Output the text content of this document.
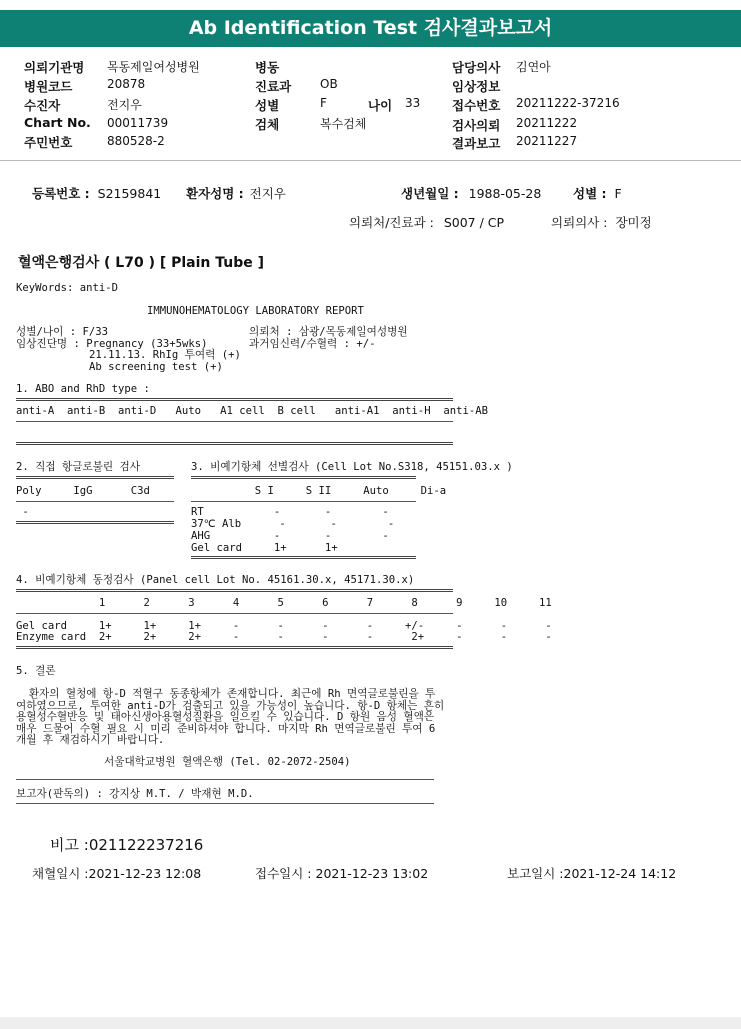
Ab Identification Test 검사결과보고서
의뢰기관명 목동제일여성병원
병원코드	20878
수진자	전지우
Chart No. 00011739
주민번호	880528-2
병동
진료과 OB
성별	F	나이 33
검체	복수검체
담당의사 김연아
임상정보
접수번호 20211222-37216
검사의뢰 20211222
결과보고 20211227
등록번호 : S2159841 환자성명 : 전지우	생년월일 : 1988-05-28	성별 : F
의뢰처/진료과 : S007 / CP	의뢰의사 : 장미정
혈액은행검사 ( L70 ) [ Plain Tube ]
KeyWords: anti-D
IMMUNOHEMATOLOGY LABORATORY REPORT
성별/나이 : F/33	의뢰처 : 삼광/목동제일여성병원
임상진단명 : Pregnancy (33+5wks)	과거임신력/수혈력 : +/-
21.11.13. RhIg 투여력 (+)
Ab screening test (+)
1. ABO and RhD type :
anti-A  anti-B  anti-D   Auto   A1 cell  B cell   anti-A1  anti-H  anti-AB
2. 직접 항글로불린 검사	3. 비예기항체 선별검사 (Cell Lot No.S318, 45151.03.x )
Poly     IgG      C3d	S I     S II     Auto     Di-a
-	RT           -       -        -
37℃ Alb      -       -        -
AHG          -       -        -
Gel card     1+      1+
4. 비예기항체 동정검사 (Panel cell Lot No. 45161.30.x, 45171.30.x)
1      2      3      4      5      6      7      8      9     10     11
Gel card     1+     1+     1+     -      -      -      -     +/-     -      -      -
Enzyme card  2+     2+     2+     -      -      -      -      2+     -      -      -
5. 결론
환자의 혈청에 항-D 적혈구 동종항체가 존재합니다. 최근에 Rh 면역글로불린을 투
여하였으므로, 투여한 anti-D가 검출되고 있을 가능성이 높습니다. 항-D 항체는 흔히
용혈성수혈반응 및 태아신생아용혈성질환을 일으킬 수 있습니다. D 항원 음성 혈액은
매우 드물어 수혈 필요 시 미리 준비하셔야 합니다. 마지막 Rh 면역글로불린 투여 6
개월 후 재검하시기 바랍니다.
서울대학교병원 혈액은행 (Tel. 02-2072-2504)
보고자(판독의) : 강지상 M.T. / 박재현 M.D.
비고 :021122237216
채혈일시 :2021-12-23 12:08	접수일시 : 2021-12-23 13:02	보고일시 :2021-12-24 14:12
